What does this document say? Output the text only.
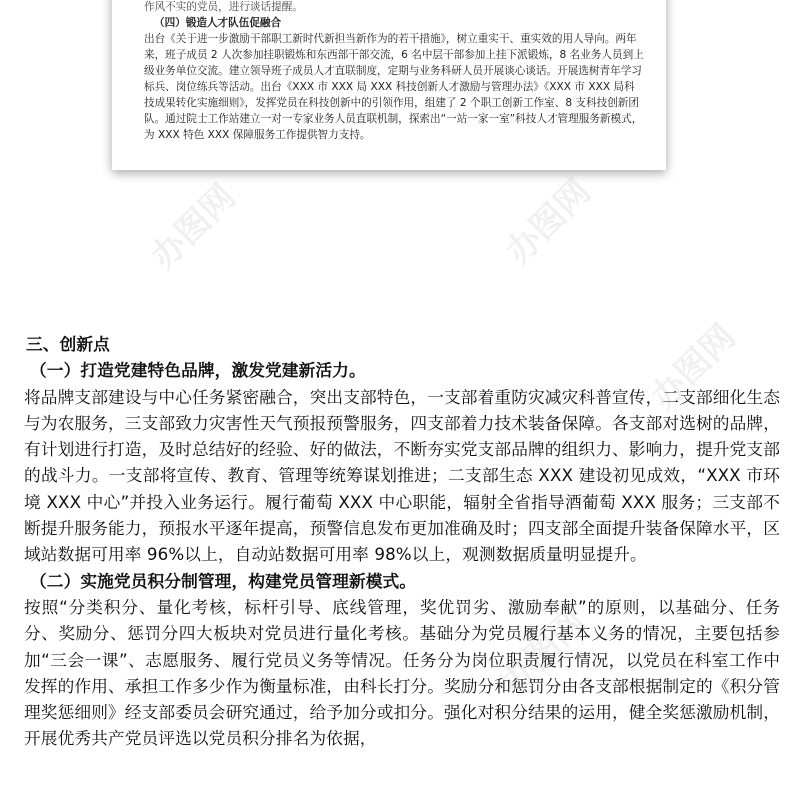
作风不实的党员，进行谈话提醒。

（四）锻造人才队伍促融合

出台《关于进一步激励干部职工新时代新担当新作为的若干措施》，树立重实干、重实效的用人导向。两年来，班子成员 2 人次参加挂职锻炼和东西部干部交流，6 名中层干部参加上挂下派锻炼，8 名业务人员到上级业务单位交流。建立领导班子成员人才直联制度，定期与业务科研人员开展谈心谈话。开展选树青年学习标兵、岗位练兵等活动。出台《XXX 市 XXX 局 XXX 科技创新人才激励与管理办法》《XXX 市 XXX 局科技成果转化实施细则》，发挥党员在科技创新中的引领作用，组建了 2 个职工创新工作室、8 支科技创新团队。通过院士工作站建立一对一专家业务人员直联机制，探索出“一站一家一室”科技人才管理服务新模式，为 XXX 特色 XXX 保障服务工作提供智力支持。

办图网	办图网
办图网
办图网

三、创新点

（一）打造党建特色品牌，激发党建新活力。

将品牌支部建设与中心任务紧密融合，突出支部特色，一支部着重防灾减灾科普宣传，二支部细化生态与为农服务，三支部致力灾害性天气预报预警服务，四支部着力技术装备保障。各支部对选树的品牌，有计划进行打造，及时总结好的经验、好的做法，不断夯实党支部品牌的组织力、影响力，提升党支部的战斗力。一支部将宣传、教育、管理等统筹谋划推进；二支部生态 XXX 建设初见成效，“XXX 市环境 XXX 中心”并投入业务运行。履行葡萄 XXX 中心职能，辐射全省指导酒葡萄 XXX 服务；三支部不断提升服务能力，预报水平逐年提高，预警信息发布更加准确及时；四支部全面提升装备保障水平，区域站数据可用率 96%以上，自动站数据可用率 98%以上，观测数据质量明显提升。

（二）实施党员积分制管理，构建党员管理新模式。

按照“分类积分、量化考核，标杆引导、底线管理，奖优罚劣、激励奉献”的原则，以基础分、任务分、奖励分、惩罚分四大板块对党员进行量化考核。基础分为党员履行基本义务的情况，主要包括参加“三会一课”、志愿服务、履行党员义务等情况。任务分为岗位职责履行情况，以党员在科室工作中发挥的作用、承担工作多少作为衡量标准，由科长打分。奖励分和惩罚分由各支部根据制定的《积分管理奖惩细则》经支部委员会研究通过，给予加分或扣分。强化对积分结果的运用，健全奖惩激励机制，开展优秀共产党员评选以党员积分排名为依据，
